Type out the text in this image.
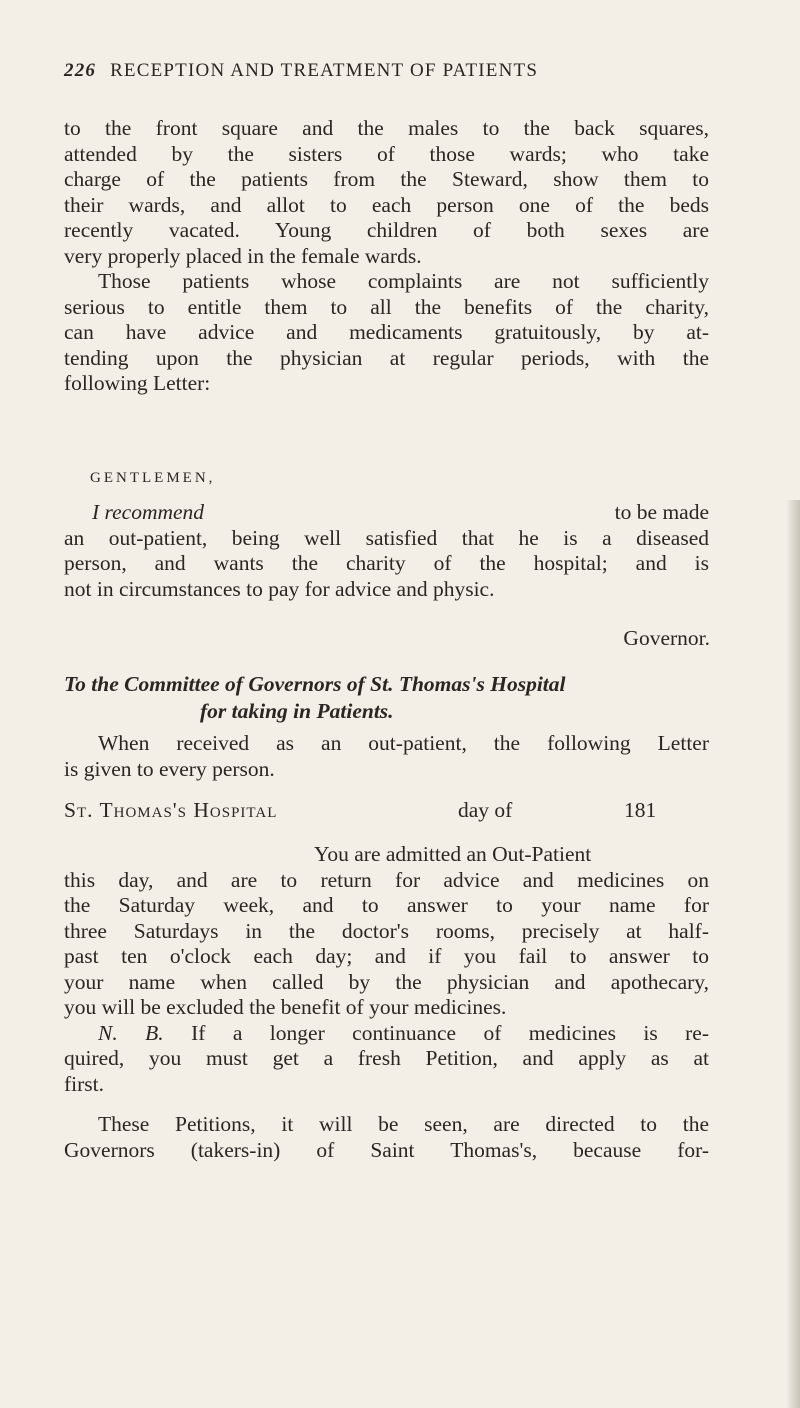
226 RECEPTION AND TREATMENT OF PATIENTS
to the front square and the males to the back squares,
attended by the sisters of those wards; who take
charge of the patients from the Steward, show them to
their wards, and allot to each person one of the beds
recently vacated. Young children of both sexes are
very properly placed in the female wards.
Those patients whose complaints are not sufficiently
serious to entitle them to all the benefits of the charity,
can have advice and medicaments gratuitously, by at-
tending upon the physician at regular periods, with the
following Letter:
GENTLEMEN,
I recommend	to be made
an out-patient, being well satisfied that he is a diseased
person, and wants the charity of the hospital; and is
not in circumstances to pay for advice and physic.
Governor.
To the Committee of Governors of St. Thomas's Hospital
for taking in Patients.
When received as an out-patient, the following Letter
is given to every person.
St. Thomas's Hospital	day of	181
You are admitted an Out-Patient
this day, and are to return for advice and medicines on
the Saturday week, and to answer to your name for
three Saturdays in the doctor's rooms, precisely at half-
past ten o'clock each day; and if you fail to answer to
your name when called by the physician and apothecary,
you will be excluded the benefit of your medicines.
N. B. If a longer continuance of medicines is re-
quired, you must get a fresh Petition, and apply as at
first.
These Petitions, it will be seen, are directed to the
Governors (takers-in) of Saint Thomas's, because for-
